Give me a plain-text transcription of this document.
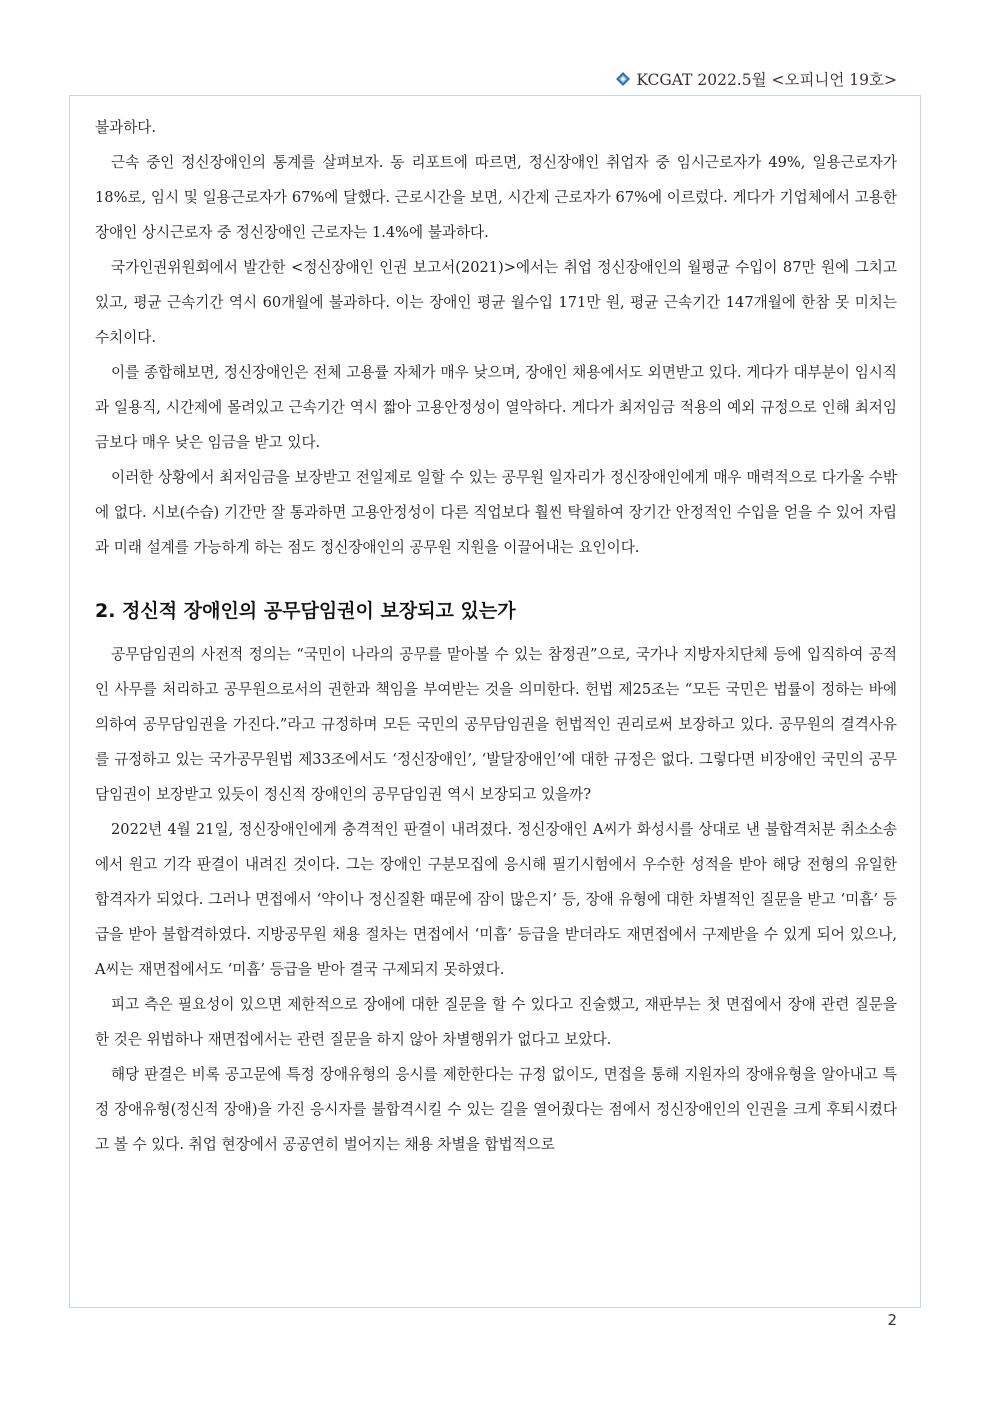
KCGAT 2022.5월 <오피니언 19호>

불과하다.

근속 중인 정신장애인의 통계를 살펴보자. 동 리포트에 따르면, 정신장애인 취업자 중 임시근로자가 49%, 일용근로자가 18%로, 임시 및 일용근로자가 67%에 달했다. 근로시간을 보면, 시간제 근로자가 67%에 이르렀다. 게다가 기업체에서 고용한 장애인 상시근로자 중 정신장애인 근로자는 1.4%에 불과하다.

국가인권위원회에서 발간한 <정신장애인 인권 보고서(2021)>에서는 취업 정신장애인의 월평균 수입이 87만 원에 그치고 있고, 평균 근속기간 역시 60개월에 불과하다. 이는 장애인 평균 월수입 171만 원, 평균 근속기간 147개월에 한참 못 미치는 수치이다.

이를 종합해보면, 정신장애인은 전체 고용률 자체가 매우 낮으며, 장애인 채용에서도 외면받고 있다. 게다가 대부분이 임시직과 일용직, 시간제에 몰려있고 근속기간 역시 짧아 고용안정성이 열악하다. 게다가 최저임금 적용의 예외 규정으로 인해 최저임금보다 매우 낮은 임금을 받고 있다.

이러한 상황에서 최저임금을 보장받고 전일제로 일할 수 있는 공무원 일자리가 정신장애인에게 매우 매력적으로 다가올 수밖에 없다. 시보(수습) 기간만 잘 통과하면 고용안정성이 다른 직업보다 훨씬 탁월하여 장기간 안정적인 수입을 얻을 수 있어 자립과 미래 설계를 가능하게 하는 점도 정신장애인의 공무원 지원을 이끌어내는 요인이다.

2. 정신적 장애인의 공무담임권이 보장되고 있는가

공무담임권의 사전적 정의는 “국민이 나라의 공무를 맡아볼 수 있는 참정권”으로, 국가나 지방자치단체 등에 입직하여 공적인 사무를 처리하고 공무원으로서의 권한과 책임을 부여받는 것을 의미한다. 헌법 제25조는 “모든 국민은 법률이 정하는 바에 의하여 공무담임권을 가진다.”라고 규정하며 모든 국민의 공무담임권을 헌법적인 권리로써 보장하고 있다. 공무원의 결격사유를 규정하고 있는 국가공무원법 제33조에서도 ‘정신장애인’, ‘발달장애인’에 대한 규정은 없다. 그렇다면 비장애인 국민의 공무담임권이 보장받고 있듯이 정신적 장애인의 공무담임권 역시 보장되고 있을까?

2022년 4월 21일, 정신장애인에게 충격적인 판결이 내려졌다. 정신장애인 A씨가 화성시를 상대로 낸 불합격처분 취소소송에서 원고 기각 판결이 내려진 것이다. 그는 장애인 구분모집에 응시해 필기시험에서 우수한 성적을 받아 해당 전형의 유일한 합격자가 되었다. 그러나 면접에서 ‘약이나 정신질환 때문에 잠이 많은지’ 등, 장애 유형에 대한 차별적인 질문을 받고 ‘미흡’ 등급을 받아 불합격하였다. 지방공무원 채용 절차는 면접에서 ‘미흡’ 등급을 받더라도 재면접에서 구제받을 수 있게 되어 있으나, A씨는 재면접에서도 ‘미흡’ 등급을 받아 결국 구제되지 못하였다.

피고 측은 필요성이 있으면 제한적으로 장애에 대한 질문을 할 수 있다고 진술했고, 재판부는 첫 면접에서 장애 관련 질문을 한 것은 위법하나 재면접에서는 관련 질문을 하지 않아 차별행위가 없다고 보았다.

해당 판결은 비록 공고문에 특정 장애유형의 응시를 제한한다는 규정 없이도, 면접을 통해 지원자의 장애유형을 알아내고 특정 장애유형(정신적 장애)을 가진 응시자를 불합격시킬 수 있는 길을 열어줬다는 점에서 정신장애인의 인권을 크게 후퇴시켰다고 볼 수 있다. 취업 현장에서 공공연히 벌어지는 채용 차별을 합법적으로

2
